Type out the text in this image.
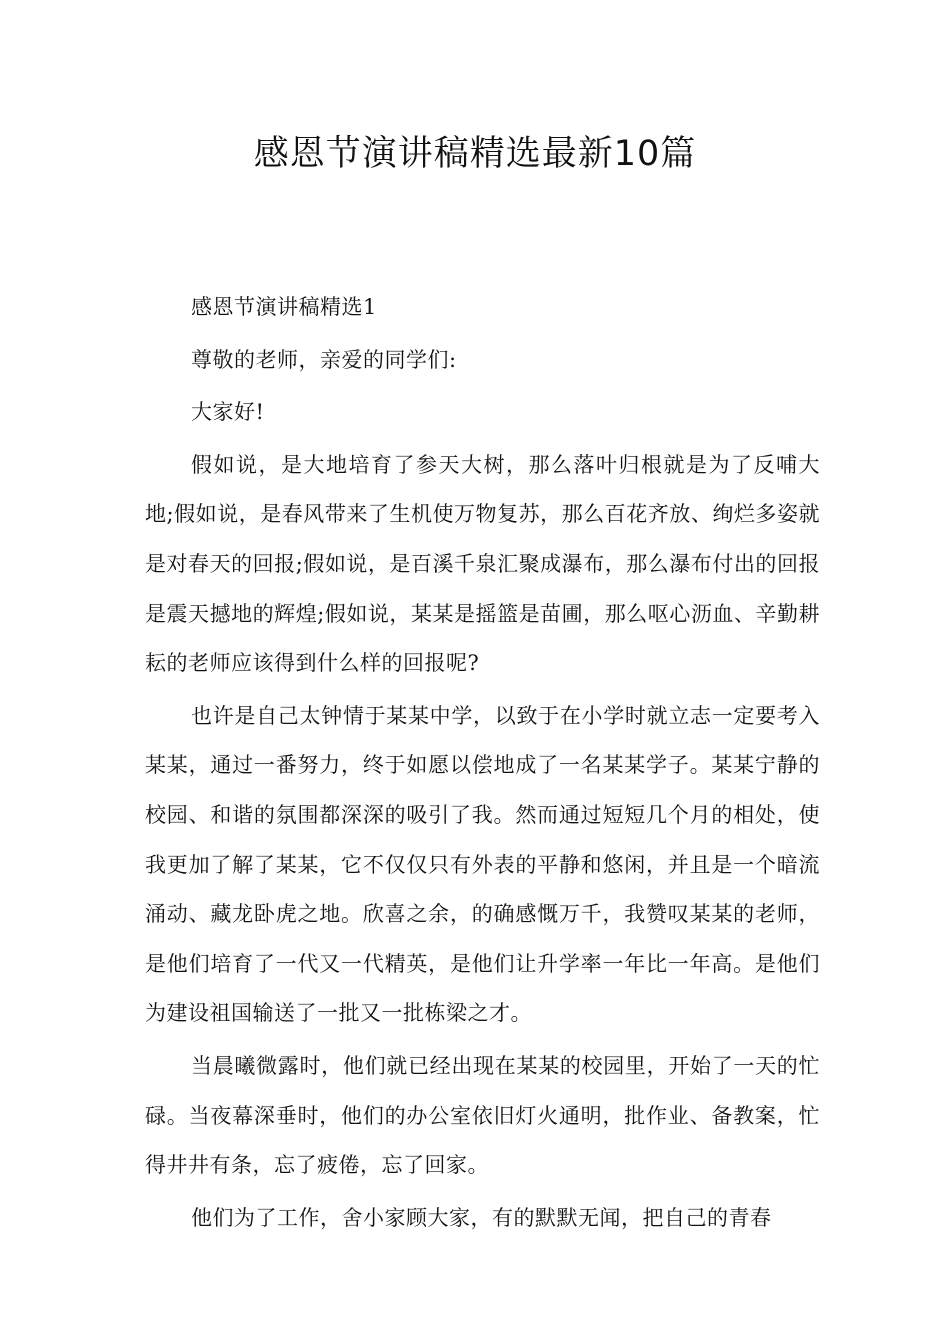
感恩节演讲稿精选最新10篇

感恩节演讲稿精选1

尊敬的老师，亲爱的同学们:

大家好!

假如说，是大地培育了参天大树，那么落叶归根就是为了反哺大地;假如说，是春风带来了生机使万物复苏，那么百花齐放、绚烂多姿就是对春天的回报;假如说，是百溪千泉汇聚成瀑布，那么瀑布付出的回报是震天撼地的辉煌;假如说，某某是摇篮是苗圃，那么呕心沥血、辛勤耕耘的老师应该得到什么样的回报呢?

也许是自己太钟情于某某中学，以致于在小学时就立志一定要考入某某，通过一番努力，终于如愿以偿地成了一名某某学子。某某宁静的校园、和谐的氛围都深深的吸引了我。然而通过短短几个月的相处，使我更加了解了某某，它不仅仅只有外表的平静和悠闲，并且是一个暗流涌动、藏龙卧虎之地。欣喜之余，的确感慨万千，我赞叹某某的老师，是他们培育了一代又一代精英，是他们让升学率一年比一年高。是他们为建设祖国输送了一批又一批栋梁之才。

当晨曦微露时，他们就已经出现在某某的校园里，开始了一天的忙碌。当夜幕深垂时，他们的办公室依旧灯火通明，批作业、备教案，忙得井井有条，忘了疲倦，忘了回家。

他们为了工作，舍小家顾大家，有的默默无闻，把自己的青春
